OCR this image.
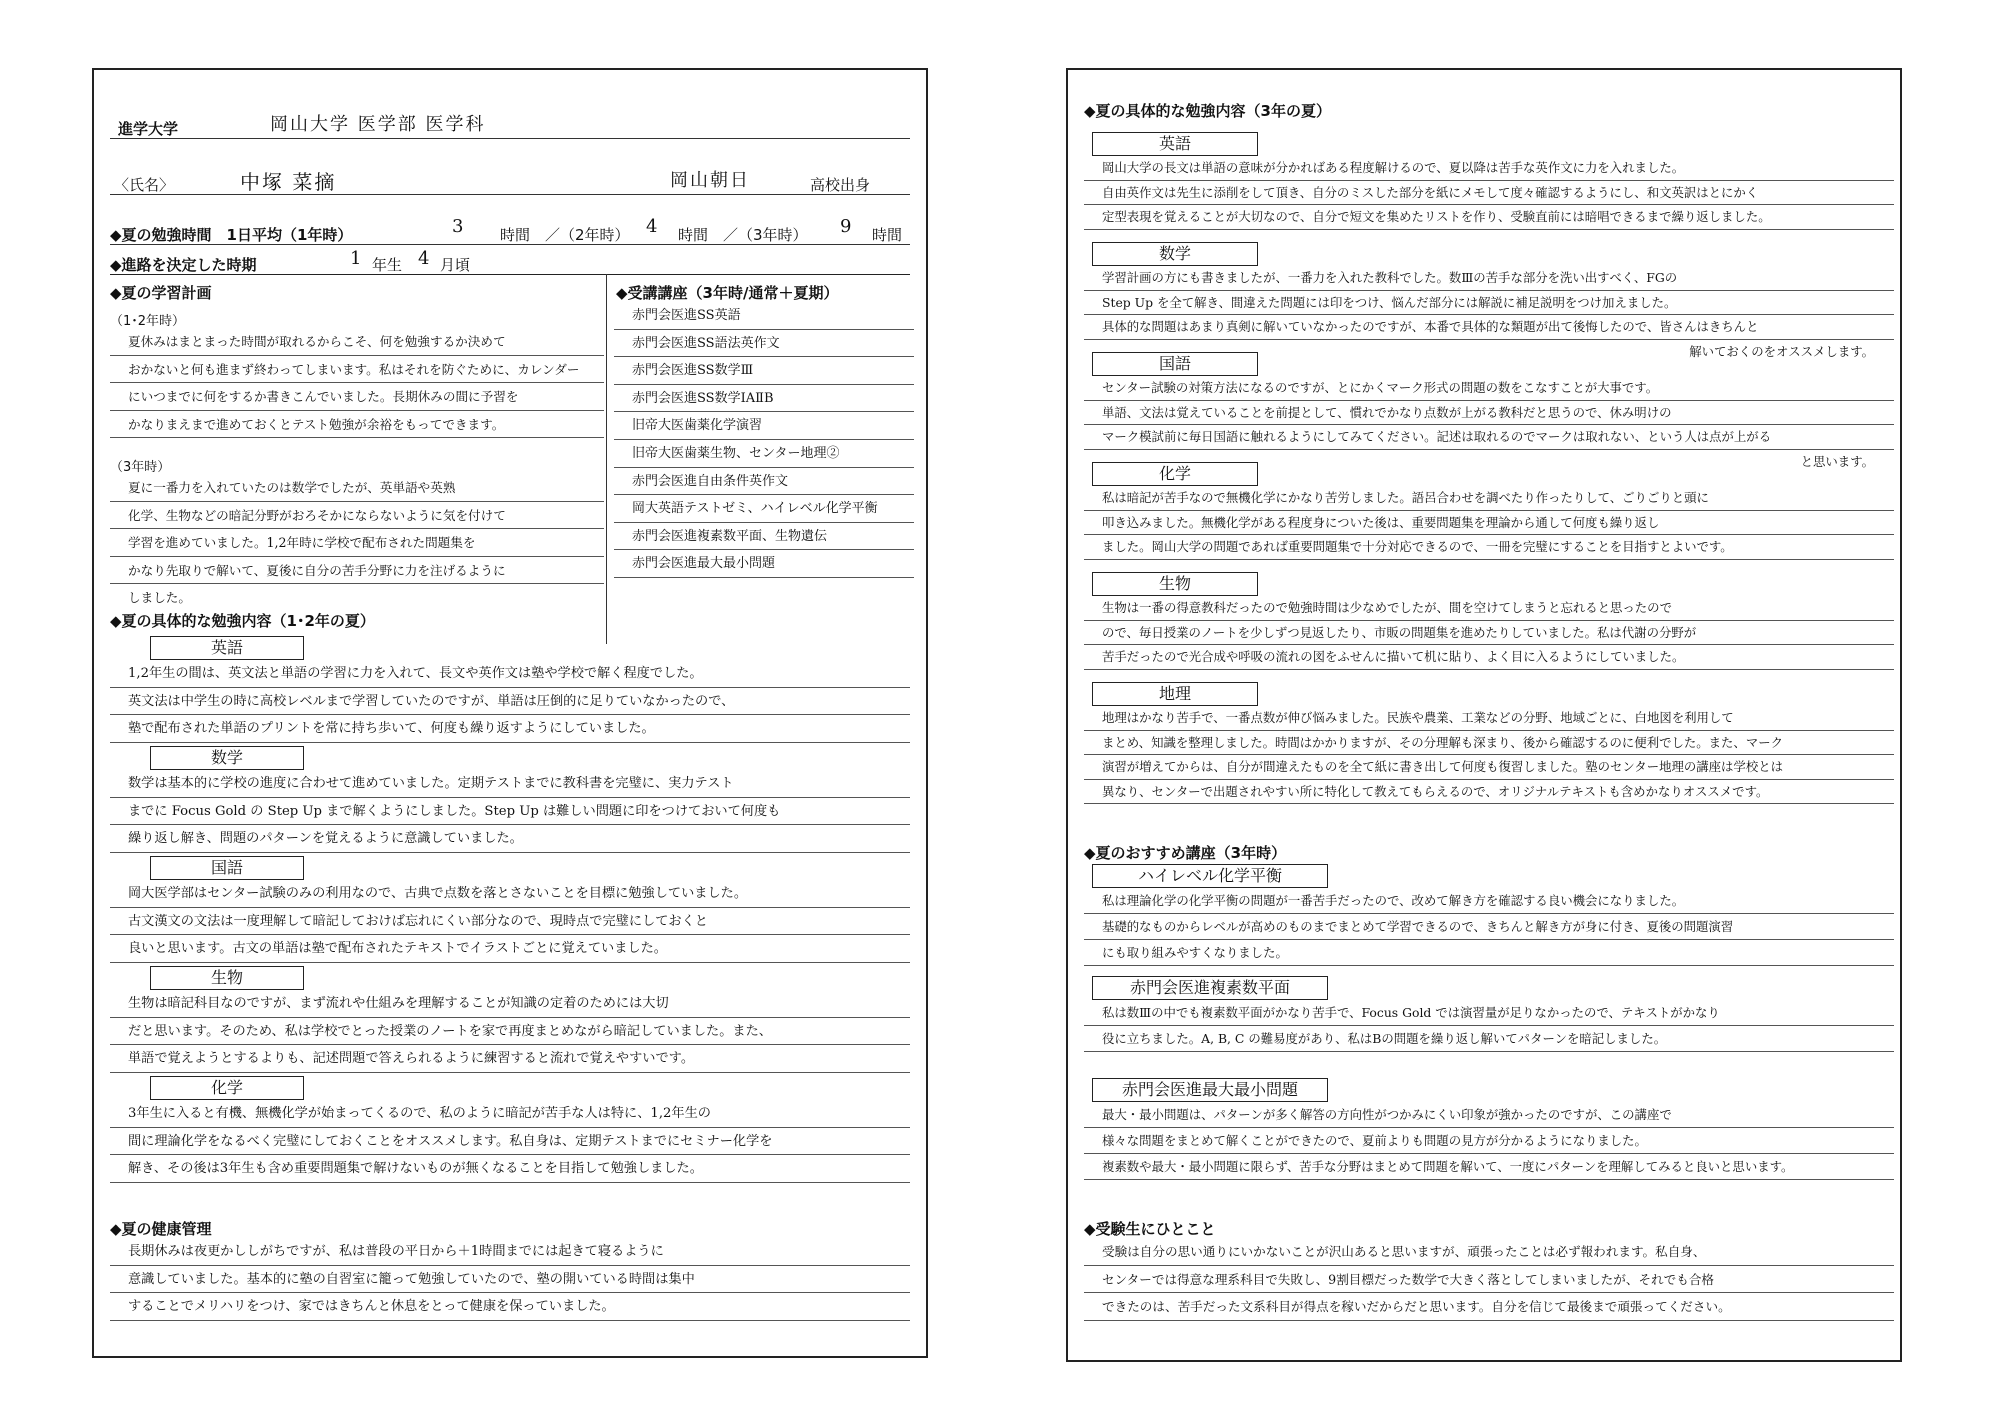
進学大学	岡山大学 医学部 医学科
〈氏名〉	中塚 菜摘	岡山朝日	高校出身
◆夏の勉強時間　1日平均（1年時）	3 時間　／（2年時） 4 時間　／（3年時） 9 時間
◆進路を決定した時期	1 年生 4 月頃
◆夏の学習計画
（1･2年時）
夏休みはまとまった時間が取れるからこそ、何を勉強するか決めて
おかないと何も進まず終わってしまいます。私はそれを防ぐために、カレンダー
にいつまでに何をするか書きこんでいました。長期休みの間に予習を
かなりまえまで進めておくとテスト勉強が余裕をもってできます。
（3年時）
夏に一番力を入れていたのは数学でしたが、英単語や英熟
化学、生物などの暗記分野がおろそかにならないように気を付けて
学習を進めていました。1,2年時に学校で配布された問題集を
かなり先取りで解いて、夏後に自分の苦手分野に力を注げるように
しました。
◆受講講座（3年時/通常＋夏期）
赤門会医進SS英語
赤門会医進SS語法英作文
赤門会医進SS数学Ⅲ
赤門会医進SS数学ⅠAⅡB
旧帝大医歯薬化学演習
旧帝大医歯薬生物、センター地理②
赤門会医進自由条件英作文
岡大英語テストゼミ、ハイレベル化学平衡
赤門会医進複素数平面、生物遺伝
赤門会医進最大最小問題
◆夏の具体的な勉強内容（1･2年の夏）
英語
1,2年生の間は、英文法と単語の学習に力を入れて、長文や英作文は塾や学校で解く程度でした。
英文法は中学生の時に高校レベルまで学習していたのですが、単語は圧倒的に足りていなかったので、
塾で配布された単語のプリントを常に持ち歩いて、何度も繰り返すようにしていました。
数学
数学は基本的に学校の進度に合わせて進めていました。定期テストまでに教科書を完璧に、実力テスト
までに Focus Gold の Step Up まで解くようにしました。Step Up は難しい問題に印をつけておいて何度も
繰り返し解き、問題のパターンを覚えるように意識していました。
国語
岡大医学部はセンター試験のみの利用なので、古典で点数を落とさないことを目標に勉強していました。
古文漢文の文法は一度理解して暗記しておけば忘れにくい部分なので、現時点で完璧にしておくと
良いと思います。古文の単語は塾で配布されたテキストでイラストごとに覚えていました。
生物
生物は暗記科目なのですが、まず流れや仕組みを理解することが知識の定着のためには大切
だと思います。そのため、私は学校でとった授業のノートを家で再度まとめながら暗記していました。また、
単語で覚えようとするよりも、記述問題で答えられるように練習すると流れで覚えやすいです。
化学
3年生に入ると有機、無機化学が始まってくるので、私のように暗記が苦手な人は特に、1,2年生の
間に理論化学をなるべく完璧にしておくことをオススメします。私自身は、定期テストまでにセミナー化学を
解き、その後は3年生も含め重要問題集で解けないものが無くなることを目指して勉強しました。
◆夏の健康管理
長期休みは夜更かししがちですが、私は普段の平日から＋1時間までには起きて寝るように
意識していました。基本的に塾の自習室に籠って勉強していたので、塾の開いている時間は集中
することでメリハリをつけ、家ではきちんと休息をとって健康を保っていました。
◆夏の具体的な勉強内容（3年の夏）
英語
岡山大学の長文は単語の意味が分かればある程度解けるので、夏以降は苦手な英作文に力を入れました。
自由英作文は先生に添削をして頂き、自分のミスした部分を紙にメモして度々確認するようにし、和文英訳はとにかく
定型表現を覚えることが大切なので、自分で短文を集めたリストを作り、受験直前には暗唱できるまで繰り返しました。
数学
学習計画の方にも書きましたが、一番力を入れた教科でした。数Ⅲの苦手な部分を洗い出すべく、FGの
Step Up を全て解き、間違えた問題には印をつけ、悩んだ部分には解説に補足説明をつけ加えました。
具体的な問題はあまり真剣に解いていなかったのですが、本番で具体的な類題が出て後悔したので、皆さんはきちんと
解いておくのをオススメします。
国語
センター試験の対策方法になるのですが、とにかくマーク形式の問題の数をこなすことが大事です。
単語、文法は覚えていることを前提として、慣れでかなり点数が上がる教科だと思うので、休み明けの
マーク模試前に毎日国語に触れるようにしてみてください。記述は取れるのでマークは取れない、という人は点が上がる
と思います。
化学
私は暗記が苦手なので無機化学にかなり苦労しました。語呂合わせを調べたり作ったりして、ごりごりと頭に
叩き込みました。無機化学がある程度身についた後は、重要問題集を理論から通して何度も繰り返し
ました。岡山大学の問題であれば重要問題集で十分対応できるので、一冊を完璧にすることを目指すとよいです。
生物
生物は一番の得意教科だったので勉強時間は少なめでしたが、間を空けてしまうと忘れると思ったので
ので、毎日授業のノートを少しずつ見返したり、市販の問題集を進めたりしていました。私は代謝の分野が
苦手だったので光合成や呼吸の流れの図をふせんに描いて机に貼り、よく目に入るようにしていました。
地理
地理はかなり苦手で、一番点数が伸び悩みました。民族や農業、工業などの分野、地域ごとに、白地図を利用して
まとめ、知識を整理しました。時間はかかりますが、その分理解も深まり、後から確認するのに便利でした。また、マーク
演習が増えてからは、自分が間違えたものを全て紙に書き出して何度も復習しました。塾のセンター地理の講座は学校とは
異なり、センターで出題されやすい所に特化して教えてもらえるので、オリジナルテキストも含めかなりオススメです。
◆夏のおすすめ講座（3年時）
ハイレベル化学平衡
私は理論化学の化学平衡の問題が一番苦手だったので、改めて解き方を確認する良い機会になりました。
基礎的なものからレベルが高めのものまでまとめて学習できるので、きちんと解き方が身に付き、夏後の問題演習
にも取り組みやすくなりました。
赤門会医進複素数平面
私は数Ⅲの中でも複素数平面がかなり苦手で、Focus Gold では演習量が足りなかったので、テキストがかなり
役に立ちました。A, B, C の難易度があり、私はBの問題を繰り返し解いてパターンを暗記しました。
赤門会医進最大最小問題
最大・最小問題は、パターンが多く解答の方向性がつかみにくい印象が強かったのですが、この講座で
様々な問題をまとめて解くことができたので、夏前よりも問題の見方が分かるようになりました。
複素数や最大・最小問題に限らず、苦手な分野はまとめて問題を解いて、一度にパターンを理解してみると良いと思います。
◆受験生にひとこと
受験は自分の思い通りにいかないことが沢山あると思いますが、頑張ったことは必ず報われます。私自身、
センターでは得意な理系科目で失敗し、9割目標だった数学で大きく落としてしまいましたが、それでも合格
できたのは、苦手だった文系科目が得点を稼いだからだと思います。自分を信じて最後まで頑張ってください。
